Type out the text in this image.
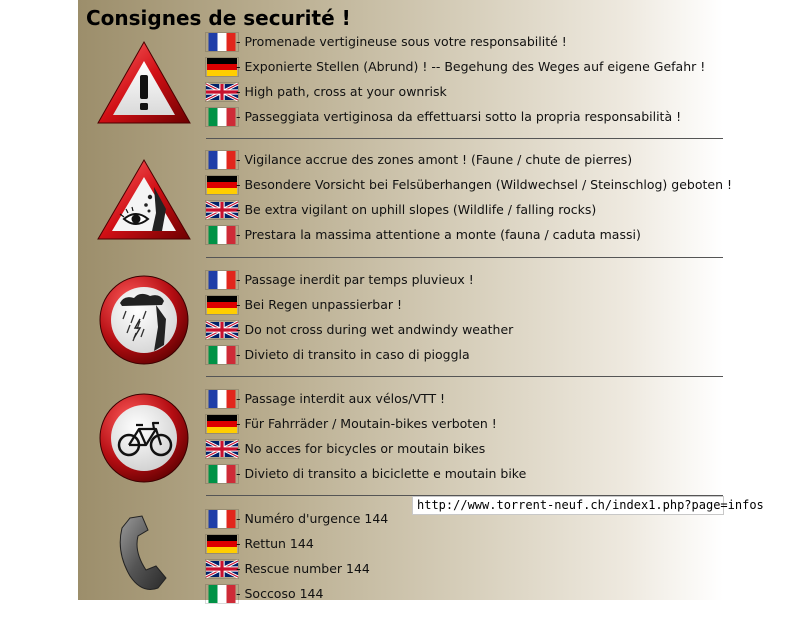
Consignes de securité !
- Promenade vertigineuse sous votre responsabilité !
- Exponierte Stellen (Abrund) ! -- Begehung des Weges auf eigene Gefahr !
- High path, cross at your ownrisk
- Passeggiata vertiginosa da effettuarsi sotto la propria responsabilità !
- Vigilance accrue des zones amont ! (Faune / chute de pierres)
- Besondere Vorsicht bei Felsüberhangen (Wildwechsel / Steinschlog) geboten !
- Be extra vigilant on uphill slopes (Wildlife / falling rocks)
- Prestara la massima attentione a monte (fauna / caduta massi)
- Passage inerdit par temps pluvieux !
- Bei Regen unpassierbar !
- Do not cross during wet andwindy weather
- Divieto di transito in caso di pioggla
- Passage interdit aux vélos/VTT !
- Für Fahrräder / Moutain-bikes verboten !
- No acces for bicycles or moutain bikes
- Divieto di transito a biciclette e moutain bike
- Numéro d'urgence 144
- Rettun 144
- Rescue number 144
- Soccoso 144
http://www.torrent-neuf.ch/index1.php?page=infos
